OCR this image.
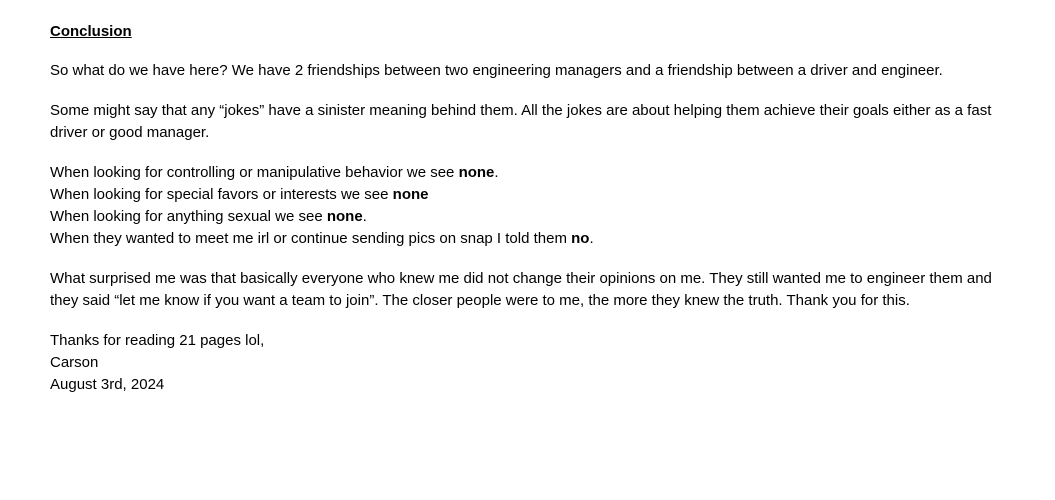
Conclusion

So what do we have here? We have 2 friendships between two engineering managers and a friendship between a driver and engineer.

Some might say that any “jokes” have a sinister meaning behind them. All the jokes are about helping them achieve their goals either as a fast driver or good manager.

When looking for controlling or manipulative behavior we see none.
When looking for special favors or interests we see none
When looking for anything sexual we see none.
When they wanted to meet me irl or continue sending pics on snap I told them no.

What surprised me was that basically everyone who knew me did not change their opinions on me. They still wanted me to engineer them and they said “let me know if you want a team to join”. The closer people were to me, the more they knew the truth. Thank you for this.

Thanks for reading 21 pages lol,
Carson
August 3rd, 2024
